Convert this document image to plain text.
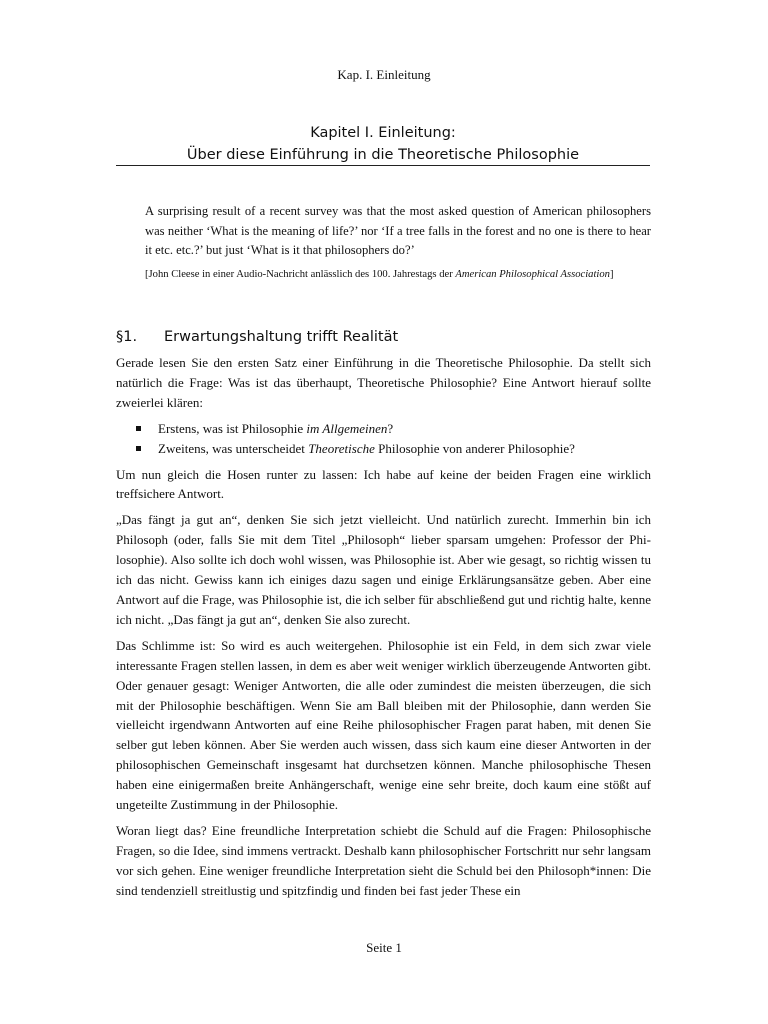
Kap. I. Einleitung
Kapitel I. Einleitung:
Über diese Einführung in die Theoretische Philosophie
A surprising result of a recent survey was that the most asked question of American philosophers was neither ‘What is the meaning of life?’ nor ‘If a tree falls in the forest and no one is there to hear it etc. etc.?’ but just ‘What is it that philosophers do?’
[John Cleese in einer Audio-Nachricht anlässlich des 100. Jahrestags der American Philosophical Association]
§1. Erwartungshaltung trifft Realität

Gerade lesen Sie den ersten Satz einer Einführung in die Theoretische Philosophie. Da stellt sich natürlich die Frage: Was ist das überhaupt, Theoretische Philosophie? Eine Antwort hierauf sollte zweierlei klären:

Erstens, was ist Philosophie im Allgemeinen?
Zweitens, was unterscheidet Theoretische Philosophie von anderer Philosophie?

Um nun gleich die Hosen runter zu lassen: Ich habe auf keine der beiden Fragen eine wirklich treffsichere Antwort.

„Das fängt ja gut an“, denken Sie sich jetzt vielleicht. Und natürlich zurecht. Immerhin bin ich Philosoph (oder, falls Sie mit dem Titel „Philosoph“ lieber sparsam umgehen: Professor der Philosophie). Also sollte ich doch wohl wissen, was Philosophie ist. Aber wie gesagt, so richtig wissen tu ich das nicht. Gewiss kann ich einiges dazu sagen und einige Erklärungsansätze geben. Aber eine Antwort auf die Frage, was Philosophie ist, die ich selber für abschließend gut und richtig halte, kenne ich nicht. „Das fängt ja gut an“, denken Sie also zurecht.

Das Schlimme ist: So wird es auch weitergehen. Philosophie ist ein Feld, in dem sich zwar viele interessante Fragen stellen lassen, in dem es aber weit weniger wirklich überzeugende Antworten gibt. Oder genauer gesagt: Weniger Antworten, die alle oder zumindest die meisten überzeugen, die sich mit der Philosophie beschäftigen. Wenn Sie am Ball bleiben mit der Philosophie, dann werden Sie vielleicht irgendwann Antworten auf eine Reihe philosophischer Fragen parat haben, mit denen Sie selber gut leben können. Aber Sie werden auch wissen, dass sich kaum eine dieser Antworten in der philosophischen Gemeinschaft insgesamt hat durchsetzen können. Manche philosophische Thesen haben eine einigermaßen breite Anhängerschaft, wenige eine sehr breite, doch kaum eine stößt auf ungeteilte Zustimmung in der Philosophie.

Woran liegt das? Eine freundliche Interpretation schiebt die Schuld auf die Fragen: Philosophische Fragen, so die Idee, sind immens vertrackt. Deshalb kann philosophischer Fortschritt nur sehr langsam vor sich gehen. Eine weniger freundliche Interpretation sieht die Schuld bei den Philosoph*innen: Die sind tendenziell streitlustig und spitzfindig und finden bei fast jeder These ein

Seite 1
